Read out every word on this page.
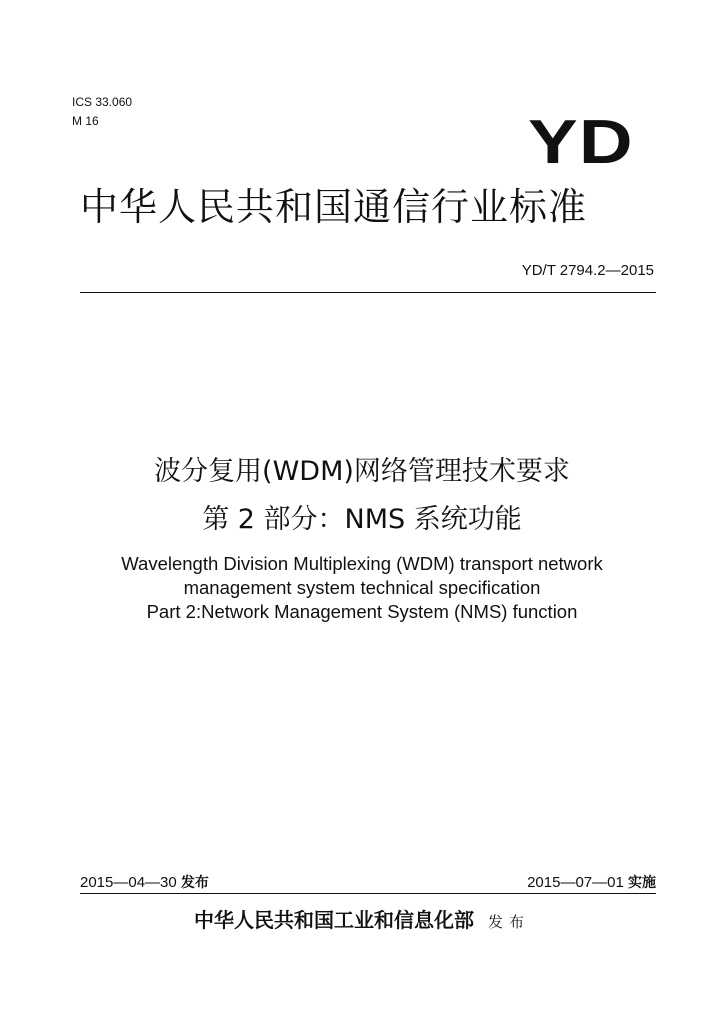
ICS 33.060
M 16	YD
中华人民共和国通信行业标准
YD/T 2794.2—2015
波分复用(WDM)网络管理技术要求
第 2 部分：NMS 系统功能
Wavelength Division Multiplexing (WDM) transport network
management system technical specification
Part 2:Network Management System (NMS) function
2015—04—30 发布	2015—07—01 实施
中华人民共和国工业和信息化部 发布
